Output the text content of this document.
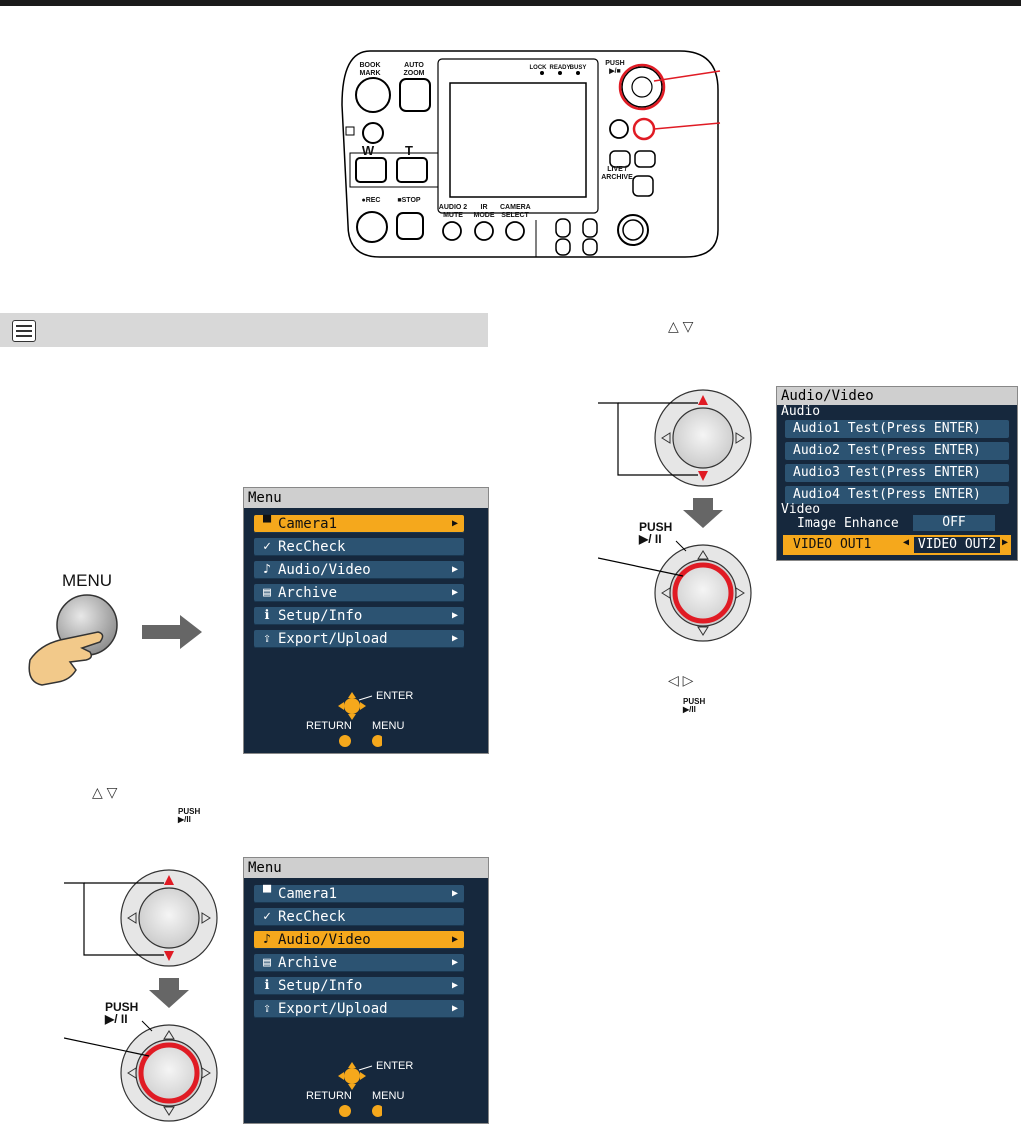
BOOK
MARK
AUTO
ZOOM
W	T
●REC	■STOP
AUDIO 2
MUTE
IR
MODE
CAMERA
SELECT
LIVE /
ARCHIVE
PUSH
▶/■
LOCK READY BUSY
MENU
Menu
▀ Camera1	▶
✓ RecCheck
♪ Audio/Video	▶
▤ Archive	▶
ℹ Setup/Info	▶
⇪ Export/Upload	▶
ENTER
RETURN MENU
△ ▽
PUSH
▶/II
PUSH
▶/ II
Menu
▀ Camera1	▶
✓ RecCheck
♪ Audio/Video	▶
▤ Archive	▶
ℹ Setup/Info	▶
⇪ Export/Upload	▶
ENTER
RETURN MENU
△ ▽
PUSH
▶/ II
Audio/Video
Audio
Audio1 Test(Press ENTER)
Audio2 Test(Press ENTER)
Audio3 Test(Press ENTER)
Audio4 Test(Press ENTER)
Video
Image Enhance	OFF
VIDEO OUT1	◀ VIDEO OUT2 ▶
◁ ▷
PUSH
▶/II
